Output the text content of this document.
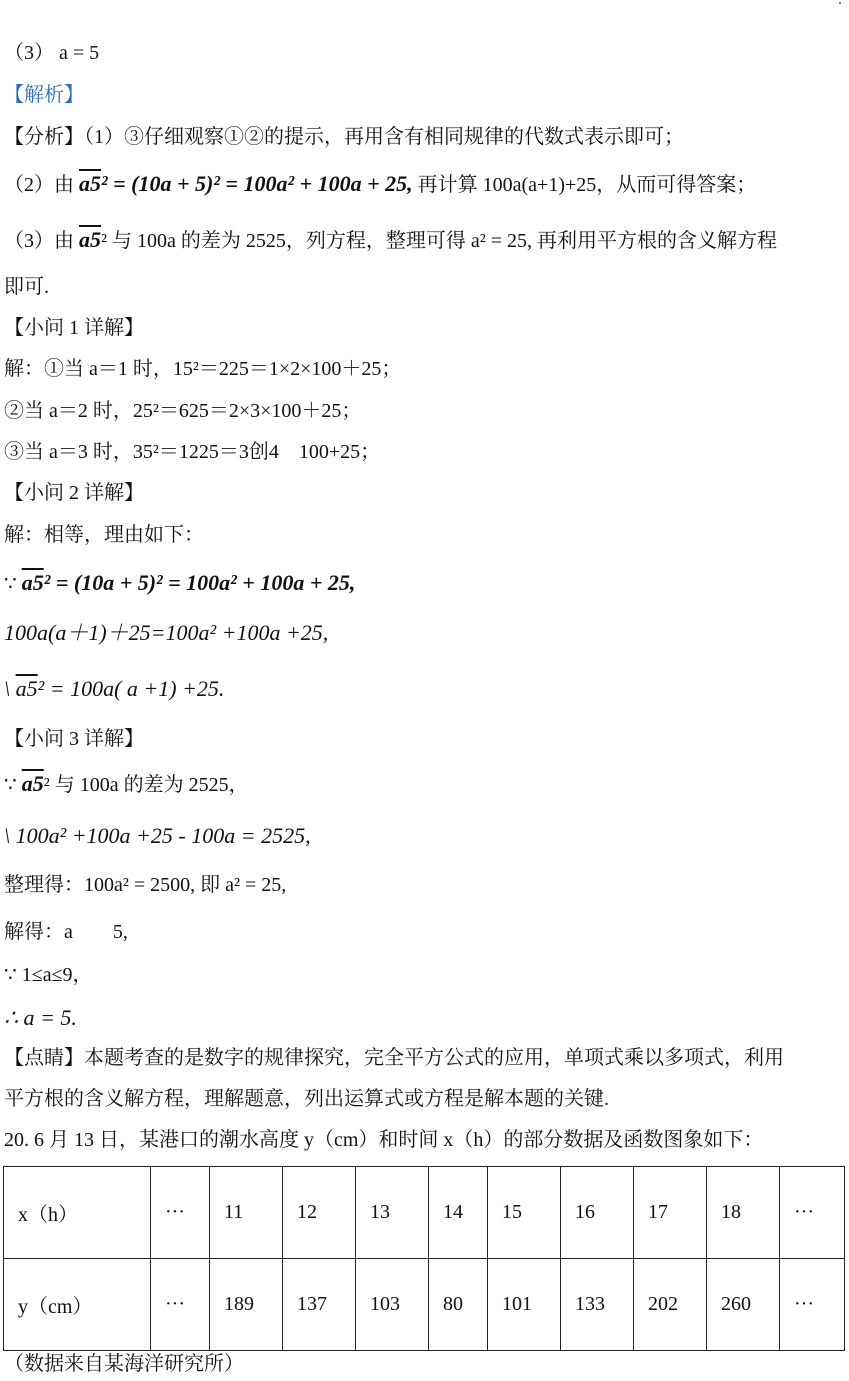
（3） a = 5
【解析】
【分析】（1）③仔细观察①②的提示，再用含有相同规律的代数式表示即可；
（2）由 a5² = (10a + 5)² = 100a² + 100a + 25, 再计算 100a(a+1)+25，从而可得答案；
（3）由 a5² 与 100a 的差为 2525，列方程，整理可得 a² = 25, 再利用平方根的含义解方程
即可.
【小问 1 详解】
解：①当 a＝1 时，15²＝225＝1×2×100＋25；
②当 a＝2 时，25²＝625＝2×3×100＋25；
③当 a＝3 时，35²＝1225＝3创4　100+25；
【小问 2 详解】
解：相等，理由如下：
∵ a5² = (10a + 5)² = 100a² + 100a + 25,
100a(a＋1)＋25=100a² +100a +25,
\ a5² = 100a( a +1) +25.
【小问 3 详解】
∵ a5² 与 100a 的差为 2525，
\ 100a² +100a +25 - 100a = 2525,
整理得：100a² = 2500, 即 a² = 25,
解得：a　　5,
∵ 1≤a≤9，
∴ a = 5.
【点睛】本题考查的是数字的规律探究，完全平方公式的应用，单项式乘以多项式，利用
平方根的含义解方程，理解题意，列出运算式或方程是解本题的关键.
20. 6 月 13 日，某港口的潮水高度 y（cm）和时间 x（h）的部分数据及函数图象如下：
x（h）	···	11	12	13	14	15	16	17	18	···
y（cm）	···	189	137	103	80	101	133	202	260	···
（数据来自某海洋研究所）
